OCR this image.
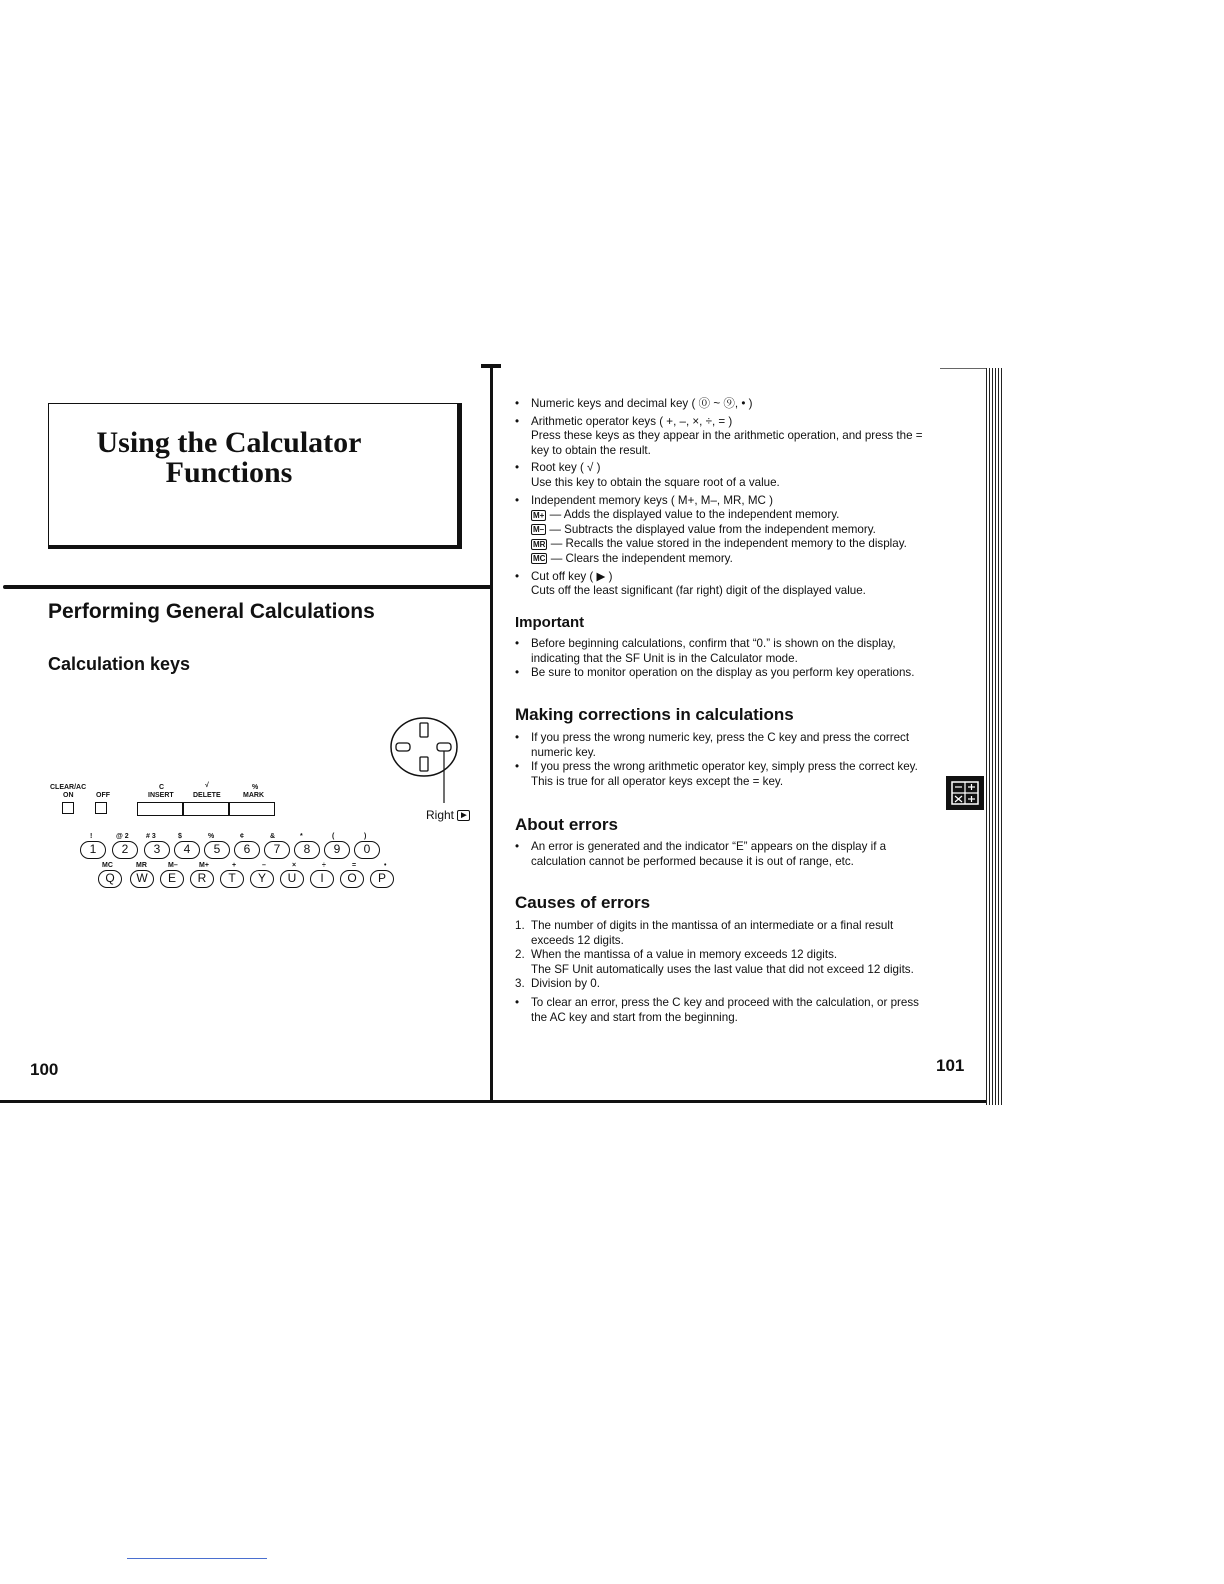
Using the Calculator
Functions
Performing General Calculations
Calculation keys
Right ▶
CLEAR/AC
ON	OFF
C
INSERT
√
DELETE
%
MARK
!	@ 2 # 3	$	%	¢	&	*	(	)
1	2	3	4	5	6	7	8	9	0
MC	MR	M–	M+	+	–	×	÷	=	•
Q	W	E	R	T	Y	U	I	O	P
100
• Numeric keys and decimal key ( ⓪ ~ ⑨, • )
• Arithmetic operator keys ( +, –, ×, ÷, = )
Press these keys as they appear in the arithmetic operation, and press the = key to obtain the result.
• Root key ( √ )
Use this key to obtain the square root of a value.
• Independent memory keys ( M+, M–, MR, MC )
M+ — Adds the displayed value to the independent memory.
M– — Subtracts the displayed value from the independent memory.
MR — Recalls the value stored in the independent memory to the display.
MC — Clears the independent memory.
• Cut off key ( ▶ )
Cuts off the least significant (far right) digit of the displayed value.
Important
• Before beginning calculations, confirm that “0.” is shown on the display, indicating that the SF Unit is in the Calculator mode.
• Be sure to monitor operation on the display as you perform key operations.
Making corrections in calculations
• If you press the wrong numeric key, press the C key and press the correct numeric key.
• If you press the wrong arithmetic operator key, simply press the correct key. This is true for all operator keys except the = key.
About errors
• An error is generated and the indicator “E” appears on the display if a calculation cannot be performed because it is out of range, etc.
Causes of errors
1. The number of digits in the mantissa of an intermediate or a final result exceeds 12 digits.
2. When the mantissa of a value in memory exceeds 12 digits.
The SF Unit automatically uses the last value that did not exceed 12 digits.
3. Division by 0.
• To clear an error, press the C key and proceed with the calculation, or press the AC key and start from the beginning.
101
